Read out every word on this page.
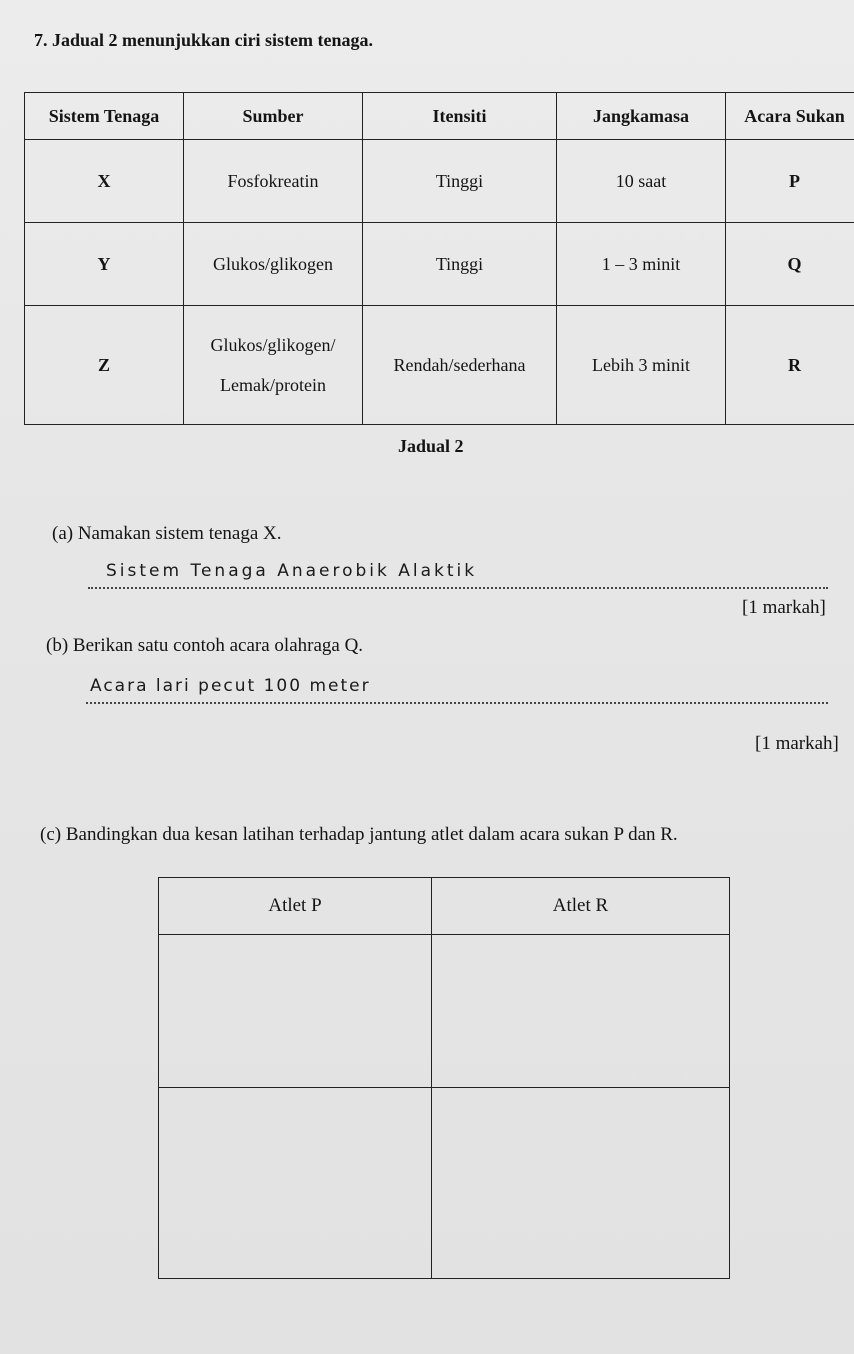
7. Jadual 2 menunjukkan ciri sistem tenaga.
Sistem Tenaga	Sumber	Itensiti	Jangkamasa	Acara Sukan
X	Fosfokreatin	Tinggi	10 saat	P
Y	Glukos/glikogen	Tinggi	1 – 3 minit	Q
Z	Glukos/glikogen/ Lemak/protein	Rendah/sederhana	Lebih 3 minit	R
Jadual 2
(a) Namakan sistem tenaga X.
Sistem Tenaga Anaerobik Alaktik
[1 markah]
(b) Berikan satu contoh acara olahraga Q.
Acara lari pecut 100 meter
[1 markah]
(c) Bandingkan dua kesan latihan terhadap jantung atlet dalam acara sukan P dan R.
Atlet P	Atlet R
